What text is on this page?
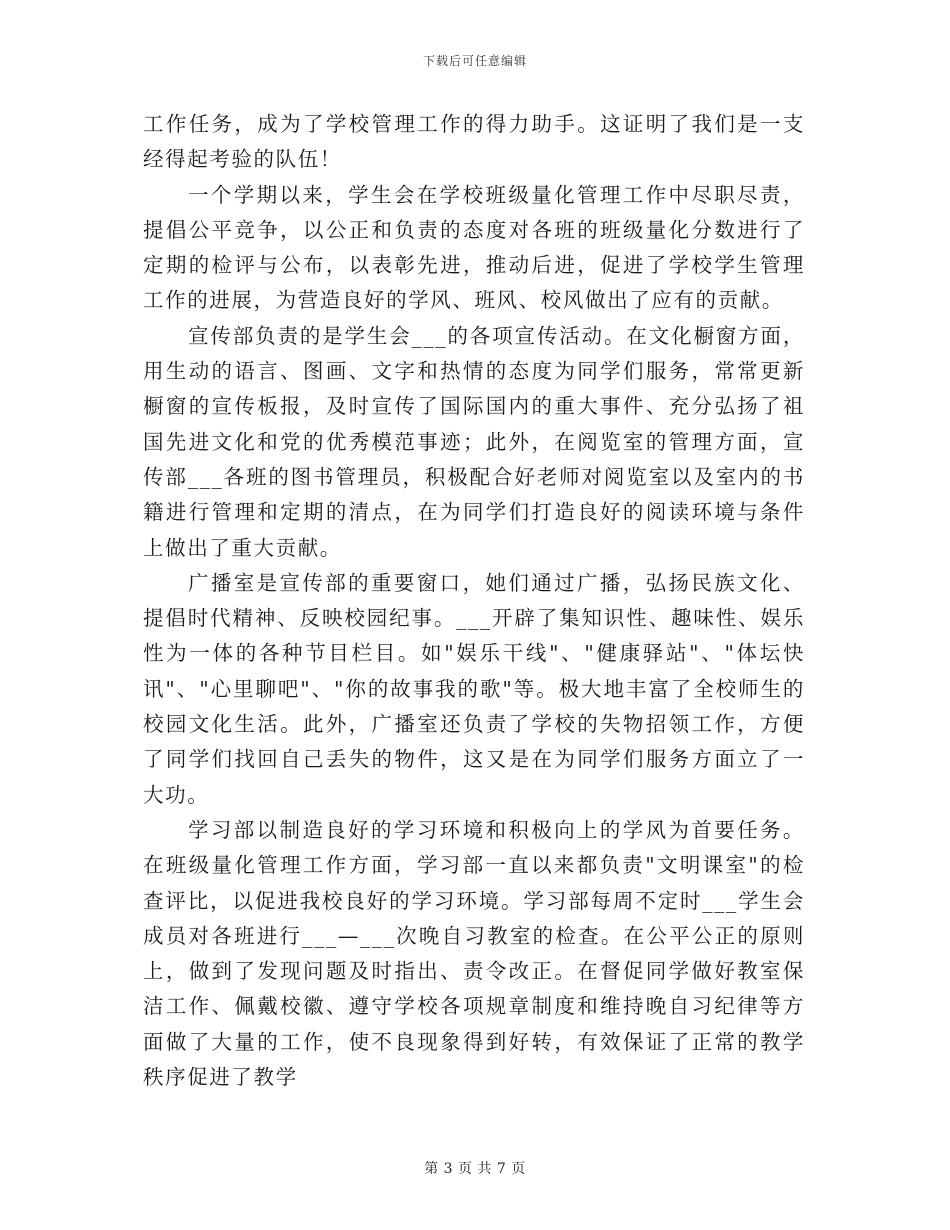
下载后可任意编辑

工作任务，成为了学校管理工作的得力助手。这证明了我们是一支经得起考验的队伍！

一个学期以来，学生会在学校班级量化管理工作中尽职尽责，提倡公平竞争，以公正和负责的态度对各班的班级量化分数进行了定期的检评与公布，以表彰先进，推动后进，促进了学校学生管理工作的进展，为营造良好的学风、班风、校风做出了应有的贡献。

宣传部负责的是学生会___的各项宣传活动。在文化橱窗方面，用生动的语言、图画、文字和热情的态度为同学们服务，常常更新橱窗的宣传板报，及时宣传了国际国内的重大事件、充分弘扬了祖国先进文化和党的优秀模范事迹；此外，在阅览室的管理方面，宣传部___各班的图书管理员，积极配合好老师对阅览室以及室内的书籍进行管理和定期的清点，在为同学们打造良好的阅读环境与条件上做出了重大贡献。

广播室是宣传部的重要窗口，她们通过广播，弘扬民族文化、提倡时代精神、反映校园纪事。___开辟了集知识性、趣味性、娱乐性为一体的各种节目栏目。如"娱乐干线"、"健康驿站"、"体坛快讯"、"心里聊吧"、"你的故事我的歌"等。极大地丰富了全校师生的校园文化生活。此外，广播室还负责了学校的失物招领工作，方便了同学们找回自己丢失的物件，这又是在为同学们服务方面立了一大功。

学习部以制造良好的学习环境和积极向上的学风为首要任务。在班级量化管理工作方面，学习部一直以来都负责"文明课室"的检查评比，以促进我校良好的学习环境。学习部每周不定时___学生会成员对各班进行___—___次晚自习教室的检查。在公平公正的原则上，做到了发现问题及时指出、责令改正。在督促同学做好教室保洁工作、佩戴校徽、遵守学校各项规章制度和维持晚自习纪律等方面做了大量的工作，使不良现象得到好转，有效保证了正常的教学秩序促进了教学

第 3 页 共 7 页
